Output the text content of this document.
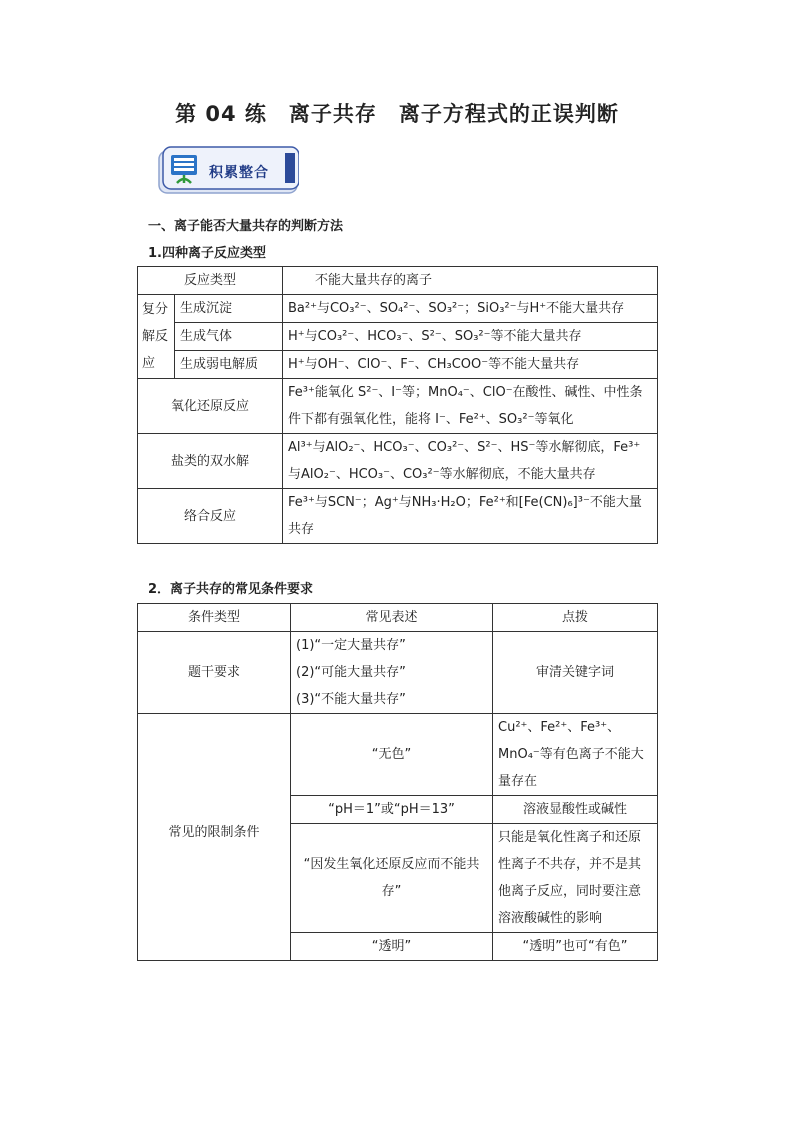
第 04 练 离子共存 离子方程式的正误判断
积累整合
一、离子能否大量共存的判断方法
1.四种离子反应类型
反应类型		不能大量共存的离子
复分解反应	生成沉淀	Ba²⁺与CO₃²⁻、SO₄²⁻、SO₃²⁻；SiO₃²⁻与H⁺不能大量共存
	生成气体	H⁺与CO₃²⁻、HCO₃⁻、S²⁻、SO₃²⁻等不能大量共存
	生成弱电解质	H⁺与OH⁻、ClO⁻、F⁻、CH₃COO⁻等不能大量共存
氧化还原反应		Fe³⁺能氧化 S²⁻、I⁻等；MnO₄⁻、ClO⁻在酸性、碱性、中性条件下都有强氧化性，能将 I⁻、Fe²⁺、SO₃²⁻等氧化
盐类的双水解		Al³⁺与AlO₂⁻、HCO₃⁻、CO₃²⁻、S²⁻、HS⁻等水解彻底，Fe³⁺与AlO₂⁻、HCO₃⁻、CO₃²⁻等水解彻底，不能大量共存
络合反应		Fe³⁺与SCN⁻；Ag⁺与NH₃·H₂O；Fe²⁺和[Fe(CN)₆]³⁻不能大量共存
2．离子共存的常见条件要求
条件类型	常见表述	点拨
题干要求	(1)“一定大量共存”
(2)“可能大量共存”
(3)“不能大量共存”	审清关键字词
常见的限制条件	“无色”	Cu²⁺、Fe²⁺、Fe³⁺、MnO₄⁻等有色离子不能大量存在
	“pH＝1”或“pH＝13”	溶液显酸性或碱性
	“因发生氧化还原反应而不能共存”	只能是氧化性离子和还原性离子不共存，并不是其他离子反应，同时要注意溶液酸碱性的影响
	“透明”	“透明”也可“有色”
